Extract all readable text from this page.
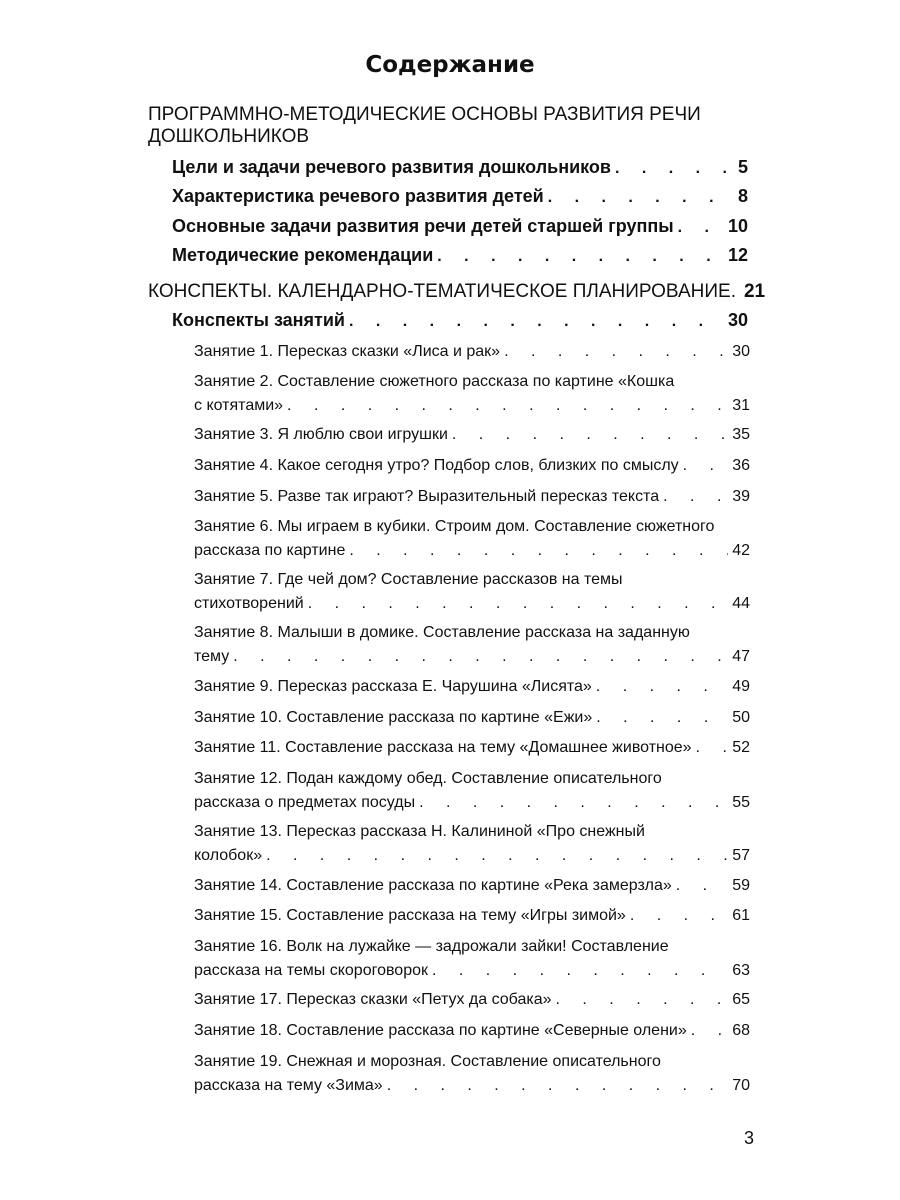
Содержание
ПРОГРАММНО-МЕТОДИЧЕСКИЕ ОСНОВЫ РАЗВИТИЯ РЕЧИ ДОШКОЛЬНИКОВ
Цели и задачи речевого развития дошкольников . . .	5
Характеристика речевого развития детей . . .	8
Основные задачи развития речи детей старшей группы . . .	10
Методические рекомендации . . .	12
КОНСПЕКТЫ. КАЛЕНДАРНО-ТЕМАТИЧЕСКОЕ ПЛАНИРОВАНИЕ. 21
Конспекты занятий . . .	30
Занятие 1. Пересказ сказки «Лиса и рак» . . .	30
Занятие 2. Составление сюжетного рассказа по картине «Кошка
с котятами» . . .	31
Занятие 3. Я люблю свои игрушки . . .	35
Занятие 4. Какое сегодня утро? Подбор слов, близких по смыслу . . .	36
Занятие 5. Разве так играют? Выразительный пересказ текста . . .	39
Занятие 6. Мы играем в кубики. Строим дом. Составление сюжетного
рассказа по картине . . .	42
Занятие 7. Где чей дом? Составление рассказов на темы
стихотворений . . .	44
Занятие 8. Малыши в домике. Составление рассказа на заданную
тему . . .	47
Занятие 9. Пересказ рассказа Е. Чарушина «Лисята» . . .	49
Занятие 10. Составление рассказа по картине «Ежи» . . .	50
Занятие 11. Составление рассказа на тему «Домашнее животное» . . .	52
Занятие 12. Подан каждому обед. Составление описательного
рассказа о предметах посуды . . .	55
Занятие 13. Пересказ рассказа Н. Калининой «Про снежный
колобок» . . .	57
Занятие 14. Составление рассказа по картине «Река замерзла» . . .	59
Занятие 15. Составление рассказа на тему «Игры зимой» . . .	61
Занятие 16. Волк на лужайке — задрожали зайки! Составление
рассказа на темы скороговорок . . .	63
Занятие 17. Пересказ сказки «Петух да собака» . . .	65
Занятие 18. Составление рассказа по картине «Северные олени» . . .	68
Занятие 19. Снежная и морозная. Составление описательного
рассказа на тему «Зима» . . .	70
3
